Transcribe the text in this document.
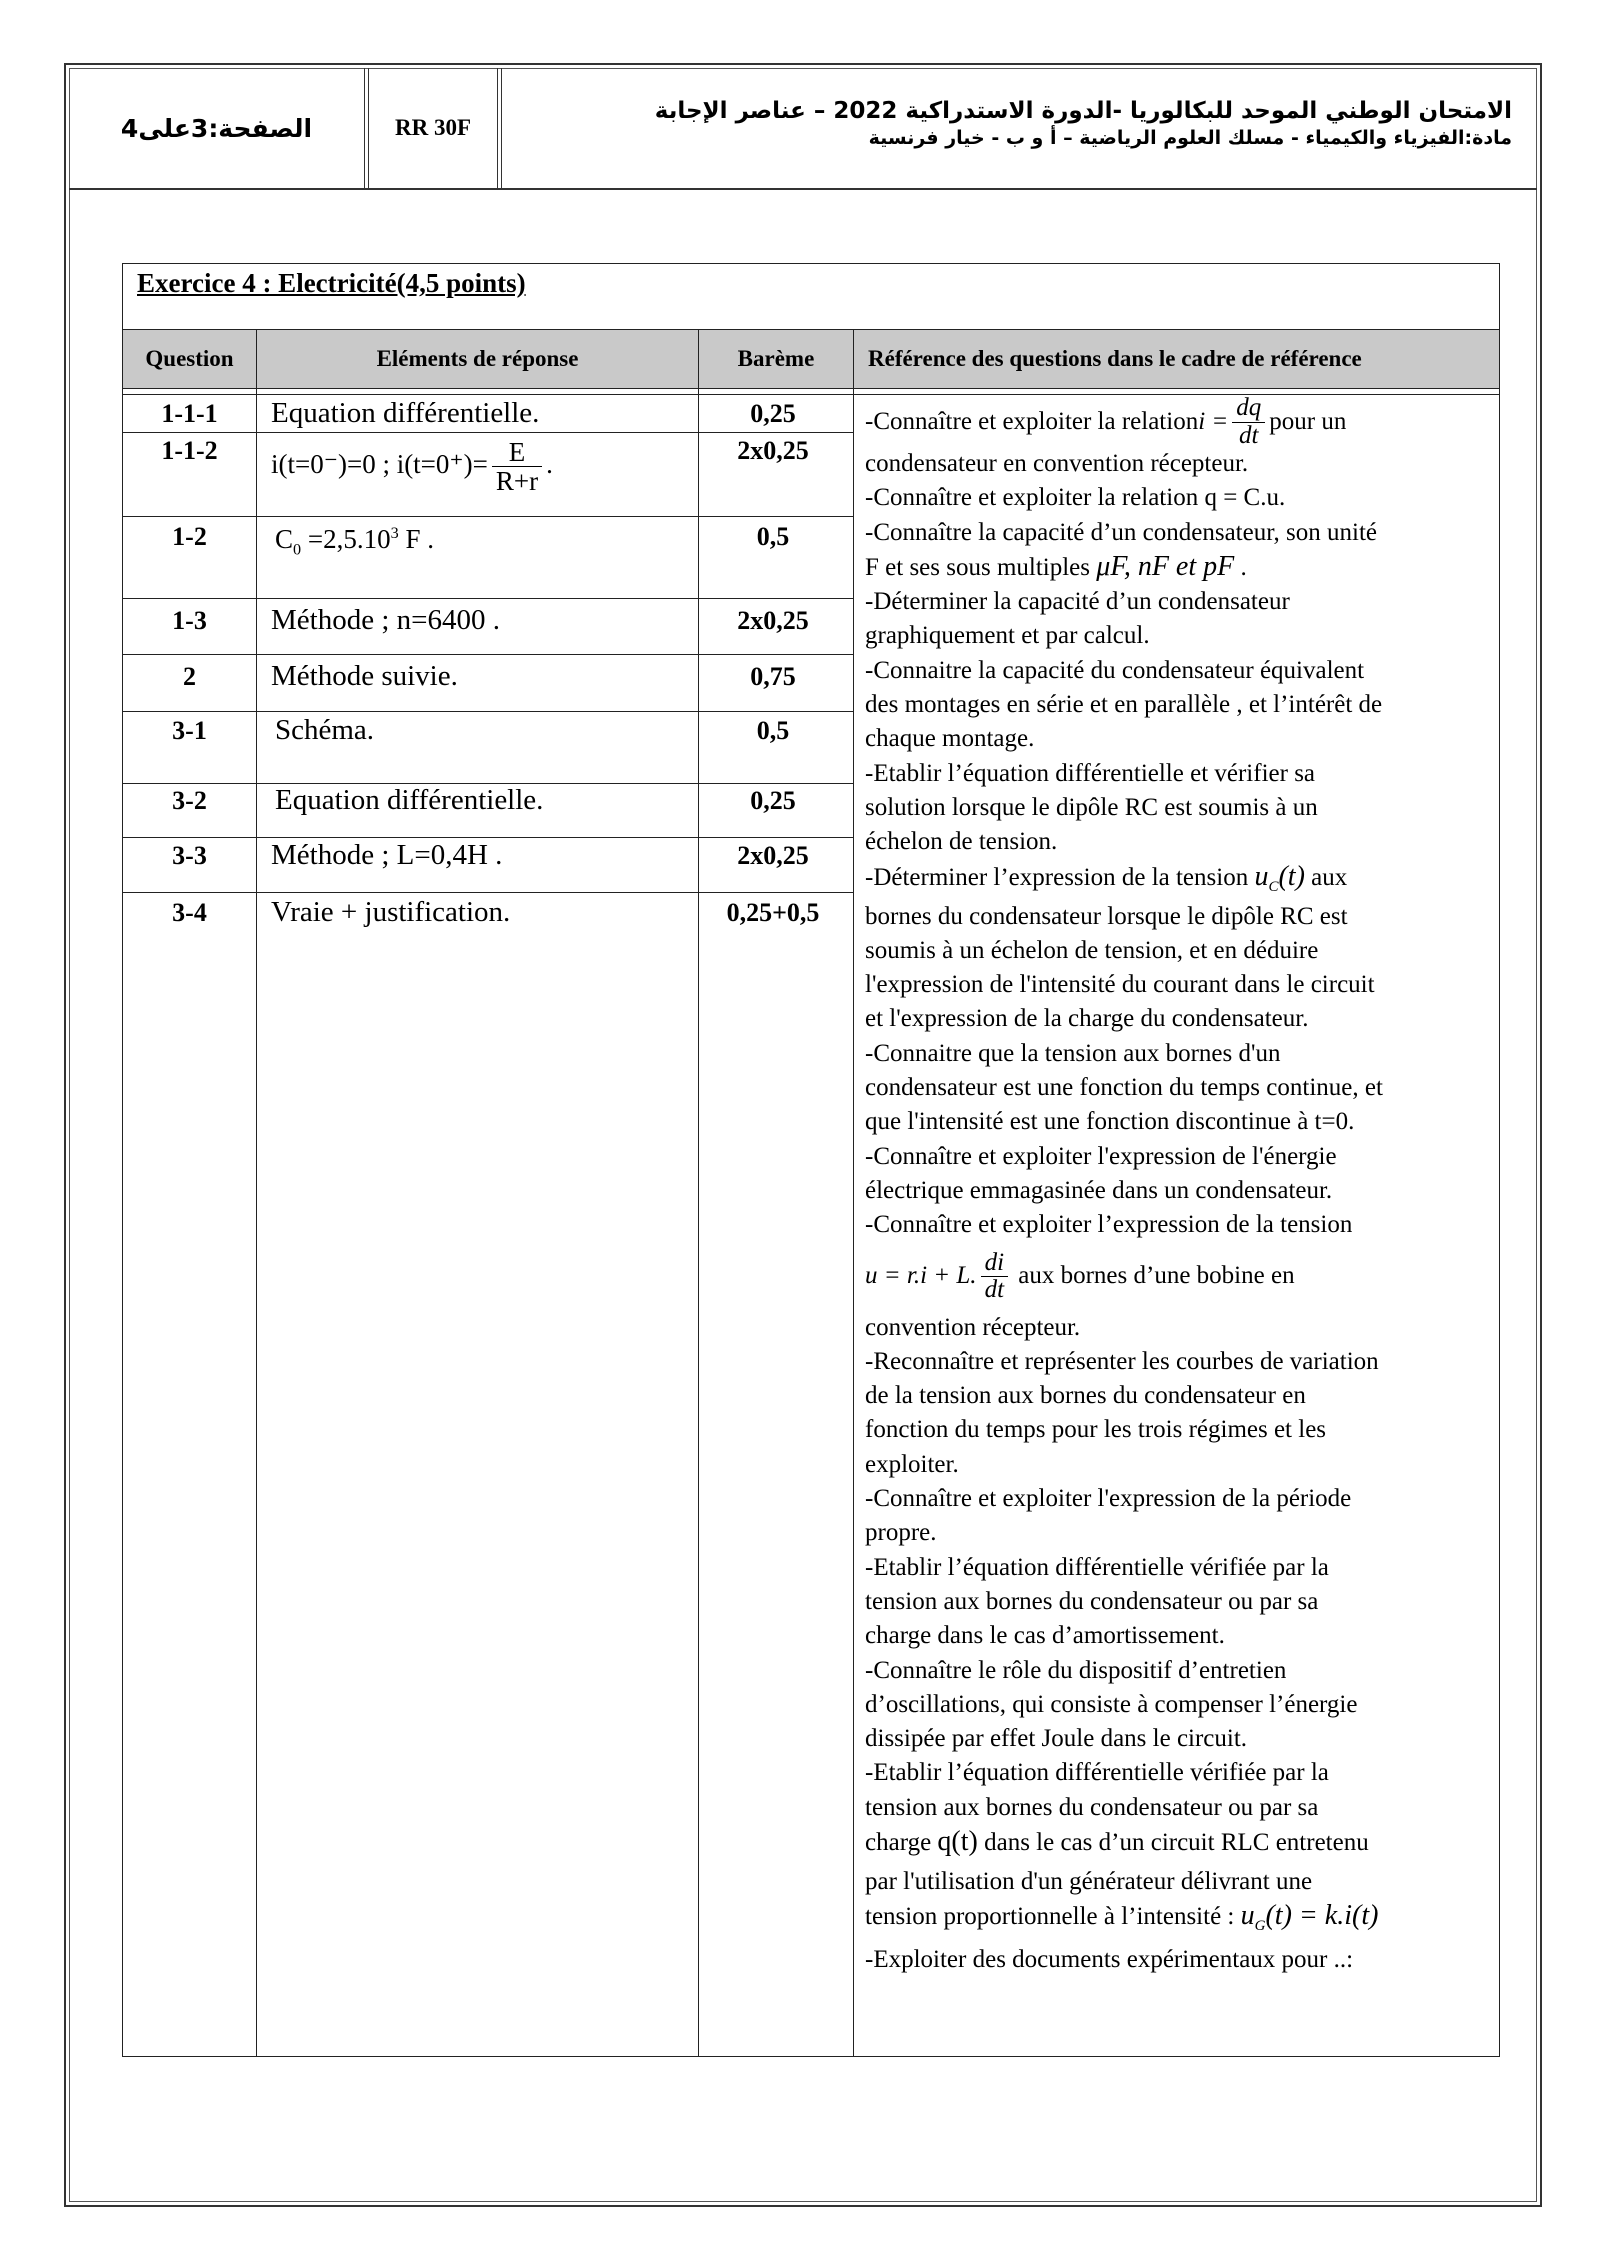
الصفحة:3على4	RR 30F
الامتحان الوطني الموحد للبكالوريا -الدورة الاستدراكية 2022 – عناصر الإجابة
مادة:الفيزياء والكيمياء - مسلك العلوم الرياضية – أ و ب - خيار فرنسية
Exercice 4 : Electricité(4,5 points)
Question	Eléments de réponse	Barème	Référence des questions dans le cadre de référence
1-1-1	Equation différentielle.	0,25
1-1-2	i(t=0⁻)=0 ; $i(t=0^+)= \frac{E}{R+r}$ .	2x0,25
1-2	$C_0 =2,5.10^3$ F .	0,5
1-3	Méthode ; n=6400 .	2x0,25
2	Méthode suivie.	0,75
3-1	Schéma.	0,5
3-2	Equation différentielle.	0,25
3-3	Méthode ; L=0,4H .	2x0,25
3-4	Vraie + justification.	0,25+0,5
-Connaître et exploiter la relation $i = \frac{dq}{dt}$ pour un
condensateur en convention récepteur.
-Connaître et exploiter la relation q = C.u.
-Connaître la capacité d’un condensateur, son unité
F et ses sous multiples μF, nF et pF .
-Déterminer la capacité d’un condensateur
graphiquement et par calcul.
-Connaitre la capacité du condensateur équivalent
des montages en série et en parallèle , et l’intérêt de
chaque montage.
-Etablir l’équation différentielle et vérifier sa
solution lorsque le dipôle RC est soumis à un
échelon de tension.
-Déterminer l’expression de la tension $u_C(t)$ aux
bornes du condensateur lorsque le dipôle RC est
soumis à un échelon de tension, et en déduire
l'expression de l'intensité du courant dans le circuit
et l'expression de la charge du condensateur.
-Connaitre que la tension aux bornes d'un
condensateur est une fonction du temps continue, et
que l'intensité est une fonction discontinue à t=0.
-Connaître et exploiter l'expression de l'énergie
électrique emmagasinée dans un condensateur.
-Connaître et exploiter l’expression de la tension
u = r.i + L. $\frac{di}{dt}$ aux bornes d’une bobine en
convention récepteur.
-Reconnaître et représenter les courbes de variation
de la tension aux bornes du condensateur en
fonction du temps pour les trois régimes et les
exploiter.
-Connaître et exploiter l'expression de la période
propre.
-Etablir l’équation différentielle vérifiée par la
tension aux bornes du condensateur ou par sa
charge dans le cas d’amortissement.
-Connaître le rôle du dispositif d’entretien
d’oscillations, qui consiste à compenser l’énergie
dissipée par effet Joule dans le circuit.
-Etablir l’équation différentielle vérifiée par la
tension aux bornes du condensateur ou par sa
charge q(t) dans le cas d’un circuit RLC entretenu
par l'utilisation d'un générateur délivrant une
tension proportionnelle à l’intensité : $u_G(t) = k.i(t)$
-Exploiter des documents expérimentaux pour ..:
